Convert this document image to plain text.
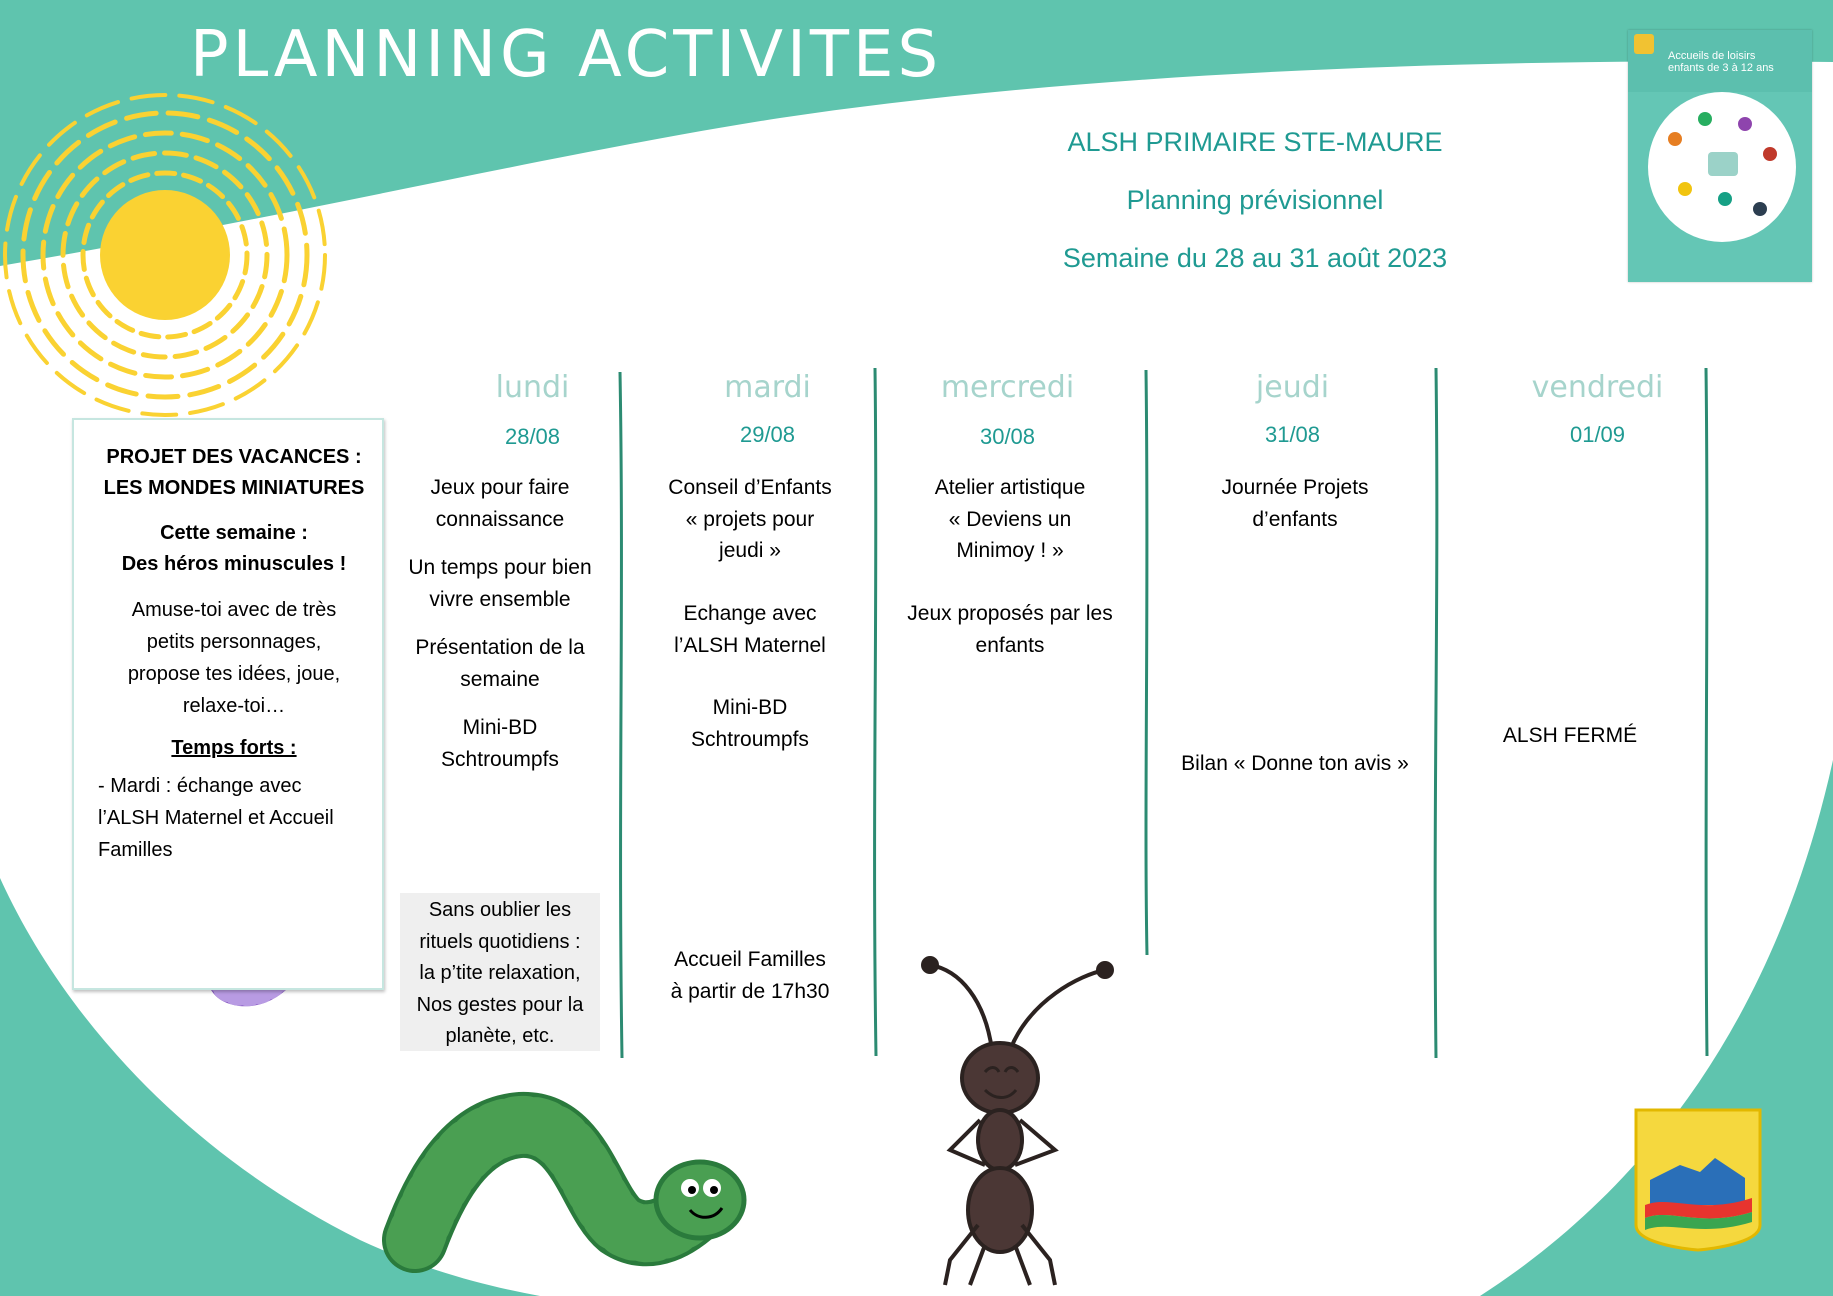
PLANNING ACTIVITES
ALSH PRIMAIRE STE-MAURE
Planning prévisionnel
Semaine du 28 au 31 août 2023
Accueils de loisirs
enfants de 3 à 12 ans
PROJET DES VACANCES :
LES MONDES MINIATURES
Cette semaine :
Des héros minuscules !
Amuse-toi avec de très
petits personnages,
propose tes idées, joue,
relaxe-toi…
Temps forts :
- Mardi : échange avec
l’ALSH Maternel et Accueil
Familles
lundi
28/08
mardi
29/08
mercredi
30/08
jeudi
31/08
vendredi
01/09
Jeux pour faire
connaissance
Un temps pour bien
vivre ensemble
Présentation de la
semaine
Mini-BD
Schtroumpfs
Sans oublier les
rituels quotidiens :
la p’tite relaxation,
Nos gestes pour la
planète, etc.
Conseil d’Enfants
« projets pour
jeudi »
Echange avec
l’ALSH Maternel
Mini-BD
Schtroumpfs
Accueil Familles
à partir de 17h30
Atelier artistique
« Deviens un
Minimoy ! »
Jeux proposés par les
enfants
Journée Projets
d’enfants
Bilan « Donne ton avis »
ALSH FERMÉ
